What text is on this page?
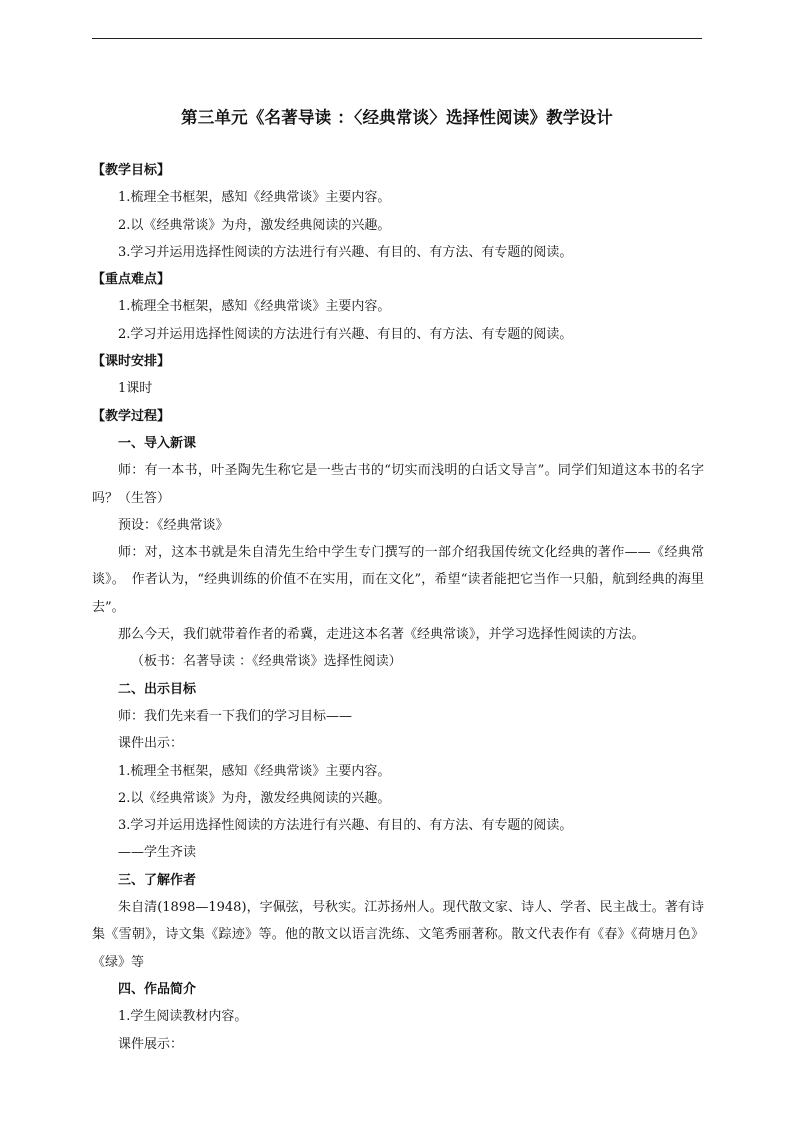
第三单元《名著导读 ：〈经典常谈〉选择性阅读》教学设计

【教学目标】

1.梳理全书框架，感知《经典常谈》主要内容。

2.以《经典常谈》为舟，激发经典阅读的兴趣。

3.学习并运用选择性阅读的方法进行有兴趣、有目的、有方法、有专题的阅读。

【重点难点】

1.梳理全书框架，感知《经典常谈》主要内容。

2.学习并运用选择性阅读的方法进行有兴趣、有目的、有方法、有专题的阅读。

【课时安排】

1课时

【教学过程】

一、导入新课

师：有一本书，叶圣陶先生称它是一些古书的“切实而浅明的白话文导言”。同学们知道这本书的名字吗？（生答）

预设：《经典常谈》

师：对，这本书就是朱自清先生给中学生专门撰写的一部介绍我国传统文化经典的著作——《经典常谈》。　作者认为，“经典训练的价值不在实用，而在文化”，希望“读者能把它当作一只船，航到经典的海里去”。

那么今天，我们就带着作者的希冀，走进这本名著《经典常谈》，并学习选择性阅读的方法。

（板书：名著导读 ：《经典常谈》选择性阅读）

二、出示目标

师：我们先来看一下我们的学习目标——

课件出示：

1.梳理全书框架，感知《经典常谈》主要内容。

2.以《经典常谈》为舟，激发经典阅读的兴趣。

3.学习并运用选择性阅读的方法进行有兴趣、有目的、有方法、有专题的阅读。

——学生齐读

三、了解作者

朱自清(1898—1948)，字佩弦，号秋实。江苏扬州人。现代散文家、诗人、学者、民主战士。著有诗集《雪朝》，诗文集《踪迹》等。他的散文以语言洗练、文笔秀丽著称。散文代表作有《春》《荷塘月色》《绿》等

四、作品简介

1.学生阅读教材内容。

课件展示：
